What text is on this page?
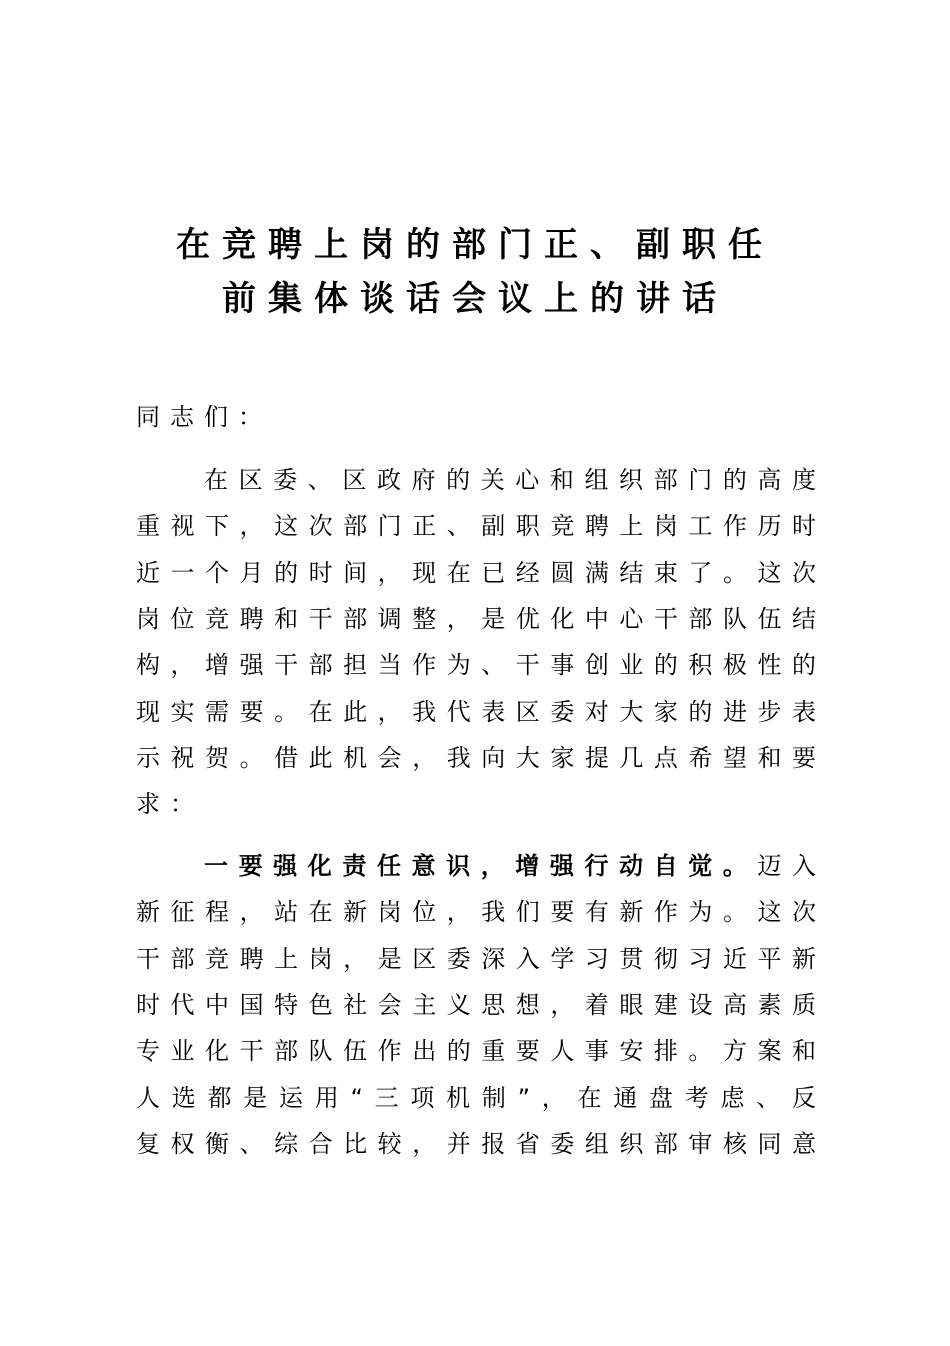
在竞聘上岗的部门正、副职任
前集体谈话会议上的讲话
同志们：
在区委、区政府的关心和组织部门的高度
重视下，这次部门正、副职竞聘上岗工作历时
近一个月的时间，现在已经圆满结束了。这次
岗位竞聘和干部调整，是优化中心干部队伍结
构，增强干部担当作为、干事创业的积极性的
现实需要。在此，我代表区委对大家的进步表
示祝贺。借此机会，我向大家提几点希望和要
求：
一要强化责任意识，增强行动自觉。迈入
新征程，站在新岗位，我们要有新作为。这次
干部竞聘上岗，是区委深入学习贯彻习近平新
时代中国特色社会主义思想，着眼建设高素质
专业化干部队伍作出的重要人事安排。方案和
人选都是运用“三项机制”，在通盘考虑、反
复权衡、综合比较，并报省委组织部审核同意
